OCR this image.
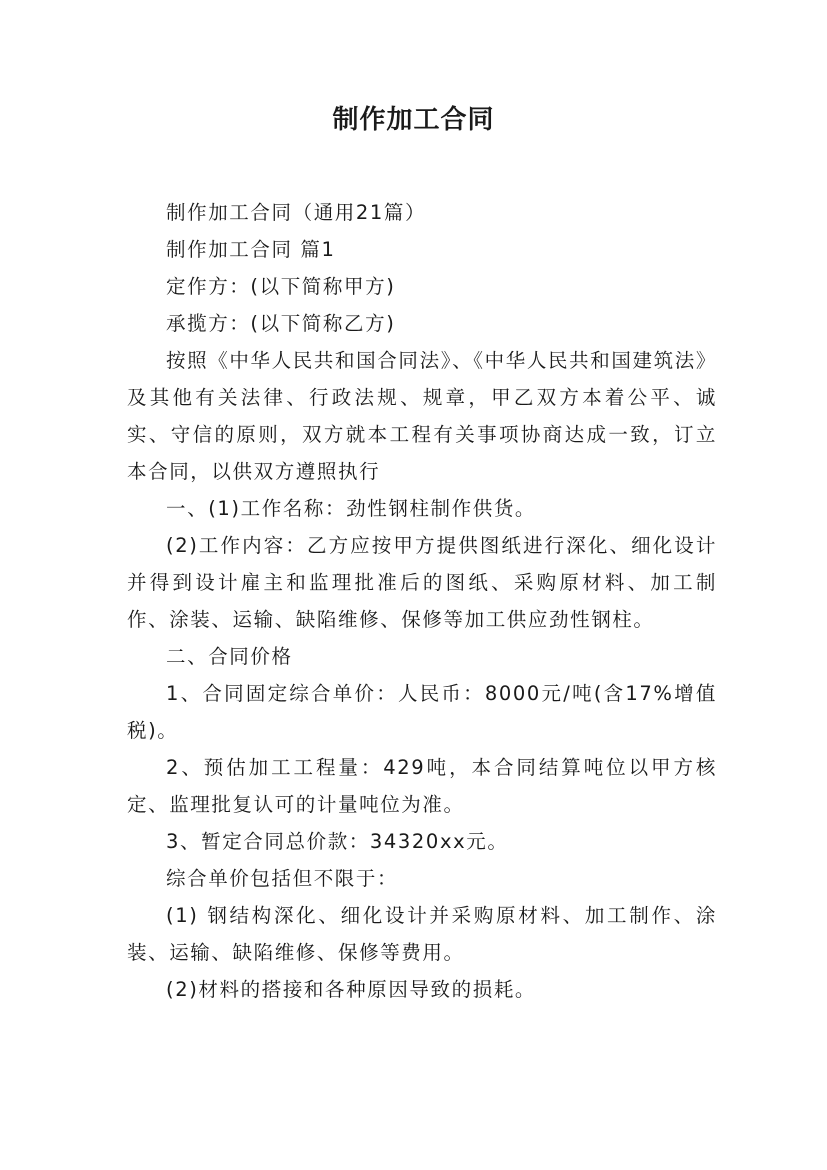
制作加工合同

制作加工合同（通用21篇）

制作加工合同 篇1

定作方：(以下简称甲方)

承揽方：(以下简称乙方)

按照《中华人民共和国合同法》、《中华人民共和国建筑法》及其他有关法律、行政法规、规章，甲乙双方本着公平、诚实、守信的原则，双方就本工程有关事项协商达成一致，订立本合同，以供双方遵照执行

一、(1)工作名称：劲性钢柱制作供货。

(2)工作内容：乙方应按甲方提供图纸进行深化、细化设计并得到设计雇主和监理批准后的图纸、采购原材料、加工制作、涂装、运输、缺陷维修、保修等加工供应劲性钢柱。

二、合同价格

1、合同固定综合单价：人民币：8000元/吨(含17%增值税)。

2、预估加工工程量：429吨，本合同结算吨位以甲方核定、监理批复认可的计量吨位为准。

3、暂定合同总价款：34320xx元。

综合单价包括但不限于：

(1) 钢结构深化、细化设计并采购原材料、加工制作、涂装、运输、缺陷维修、保修等费用。

(2)材料的搭接和各种原因导致的损耗。
